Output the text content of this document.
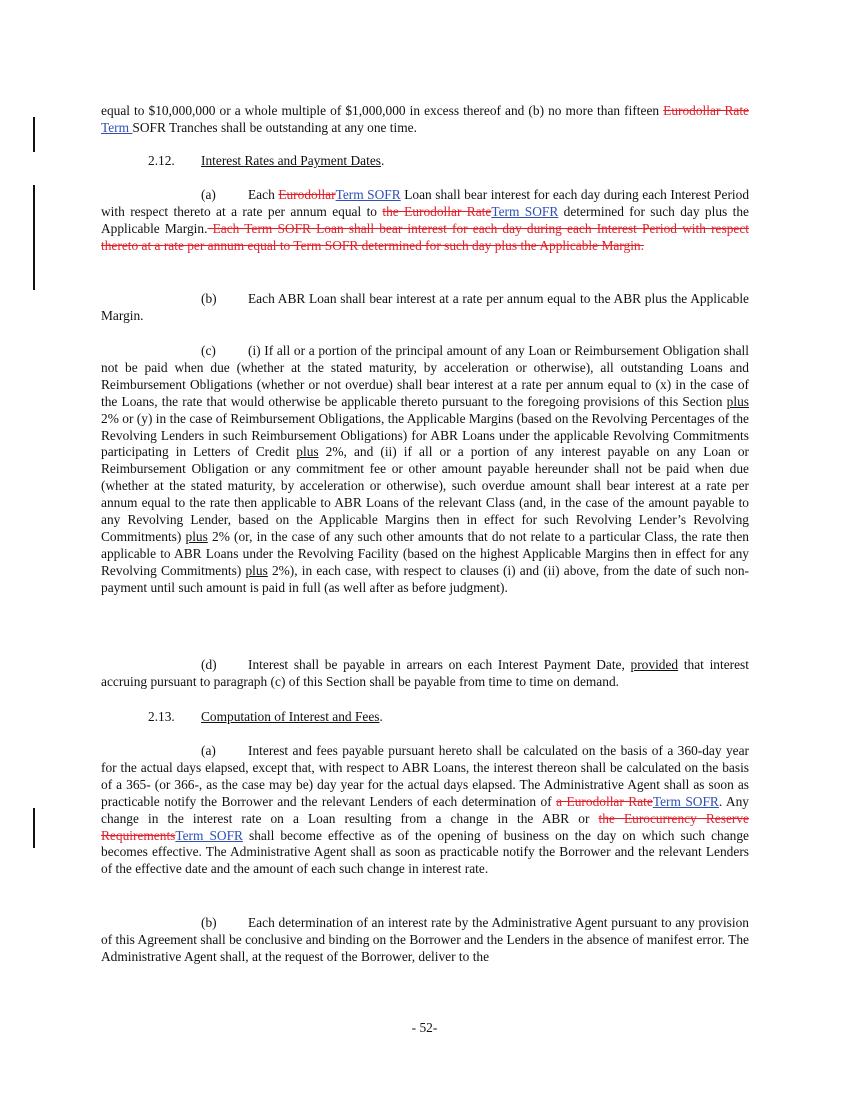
equal to $10,000,000 or a whole multiple of $1,000,000 in excess thereof and (b) no more than fifteen Eurodollar Rate Term SOFR Tranches shall be outstanding at any one time.

2.12. Interest Rates and Payment Dates.

(a) Each EurodollarTerm SOFR Loan shall bear interest for each day during each Interest Period with respect thereto at a rate per annum equal to the Eurodollar RateTerm SOFR determined for such day plus the Applicable Margin. Each Term SOFR Loan shall bear interest for each day during each Interest Period with respect thereto at a rate per annum equal to Term SOFR determined for such day plus the Applicable Margin.

(b) Each ABR Loan shall bear interest at a rate per annum equal to the ABR plus the Applicable Margin.

(c) (i) If all or a portion of the principal amount of any Loan or Reimbursement Obligation shall not be paid when due (whether at the stated maturity, by acceleration or otherwise), all outstanding Loans and Reimbursement Obligations (whether or not overdue) shall bear interest at a rate per annum equal to (x) in the case of the Loans, the rate that would otherwise be applicable thereto pursuant to the foregoing provisions of this Section plus 2% or (y) in the case of Reimbursement Obligations, the Applicable Margins (based on the Revolving Percentages of the Revolving Lenders in such Reimbursement Obligations) for ABR Loans under the applicable Revolving Commitments participating in Letters of Credit plus 2%, and (ii) if all or a portion of any interest payable on any Loan or Reimbursement Obligation or any commitment fee or other amount payable hereunder shall not be paid when due (whether at the stated maturity, by acceleration or otherwise), such overdue amount shall bear interest at a rate per annum equal to the rate then applicable to ABR Loans of the relevant Class (and, in the case of the amount payable to any Revolving Lender, based on the Applicable Margins then in effect for such Revolving Lender’s Revolving Commitments) plus 2% (or, in the case of any such other amounts that do not relate to a particular Class, the rate then applicable to ABR Loans under the Revolving Facility (based on the highest Applicable Margins then in effect for any Revolving Commitments) plus 2%), in each case, with respect to clauses (i) and (ii) above, from the date of such non-payment until such amount is paid in full (as well after as before judgment).

(d) Interest shall be payable in arrears on each Interest Payment Date, provided that interest accruing pursuant to paragraph (c) of this Section shall be payable from time to time on demand.

2.13. Computation of Interest and Fees.

(a) Interest and fees payable pursuant hereto shall be calculated on the basis of a 360-day year for the actual days elapsed, except that, with respect to ABR Loans, the interest thereon shall be calculated on the basis of a 365- (or 366-, as the case may be) day year for the actual days elapsed. The Administrative Agent shall as soon as practicable notify the Borrower and the relevant Lenders of each determination of a Eurodollar RateTerm SOFR. Any change in the interest rate on a Loan resulting from a change in the ABR or the Eurocurrency Reserve RequirementsTerm SOFR shall become effective as of the opening of business on the day on which such change becomes effective. The Administrative Agent shall as soon as practicable notify the Borrower and the relevant Lenders of the effective date and the amount of each such change in interest rate.

(b) Each determination of an interest rate by the Administrative Agent pursuant to any provision of this Agreement shall be conclusive and binding on the Borrower and the Lenders in the absence of manifest error. The Administrative Agent shall, at the request of the Borrower, deliver to the

- 52-
